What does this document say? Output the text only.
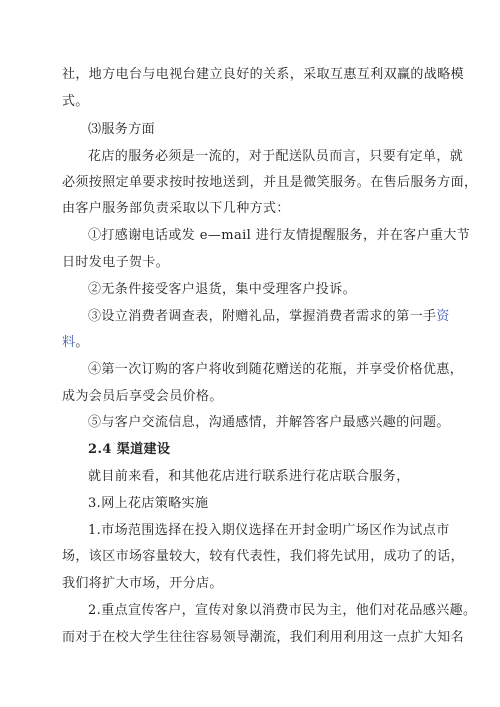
社，地方电台与电视台建立良好的关系，采取互惠互利双赢的战略模
式。
⑶服务方面
花店的服务必须是一流的，对于配送队员而言，只要有定单，就
必须按照定单要求按时按地送到，并且是微笑服务。在售后服务方面，
由客户服务部负责采取以下几种方式：
①打感谢电话或发 e—mail 进行友情提醒服务，并在客户重大节
日时发电子贺卡。
②无条件接受客户退货，集中受理客户投诉。
③设立消费者调查表，附赠礼品，掌握消费者需求的第一手资
料。
④第一次订购的客户将收到随花赠送的花瓶，并享受价格优惠，
成为会员后享受会员价格。
⑤与客户交流信息，沟通感情，并解答客户最感兴趣的问题。
2.4 渠道建设
就目前来看，和其他花店进行联系进行花店联合服务，
3.网上花店策略实施
1.市场范围选择在投入期仪选择在开封金明广场区作为试点市
场，该区市场容量较大，较有代表性，我们将先试用，成功了的话，
我们将扩大市场，开分店。
2.重点宣传客户，宣传对象以消费市民为主，他们对花品感兴趣。
而对于在校大学生往往容易领导潮流，我们利用利用这一点扩大知名
